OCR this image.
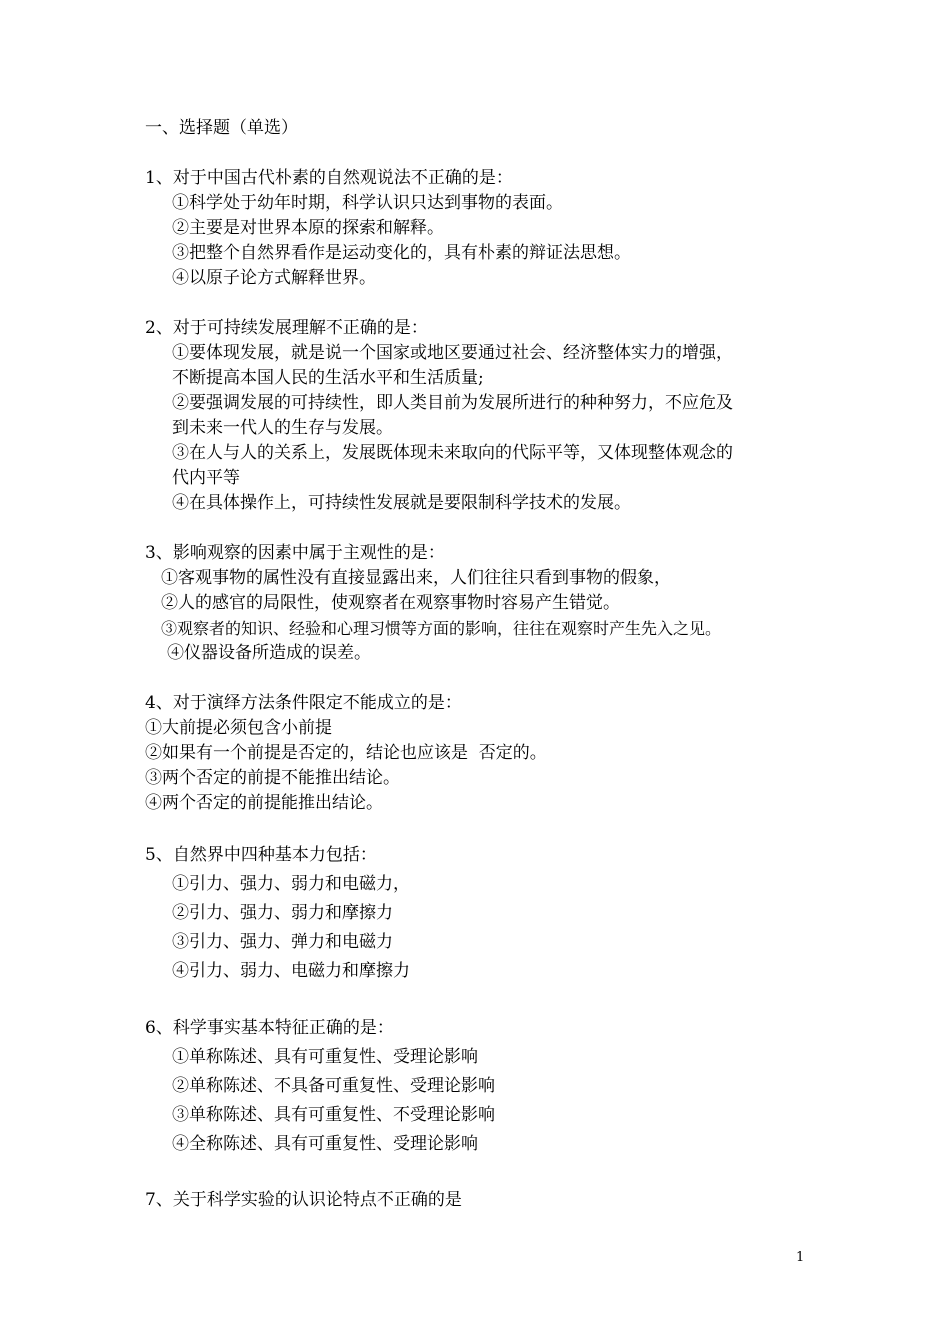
一、选择题（单选）
1、对于中国古代朴素的自然观说法不正确的是：
①科学处于幼年时期，科学认识只达到事物的表面。
②主要是对世界本原的探索和解释。
③把整个自然界看作是运动变化的，具有朴素的辩证法思想。
④以原子论方式解释世界。
2、对于可持续发展理解不正确的是：
①要体现发展，就是说一个国家或地区要通过社会、经济整体实力的增强，
不断提高本国人民的生活水平和生活质量;
②要强调发展的可持续性，即人类目前为发展所进行的种种努力，不应危及
到未来一代人的生存与发展。
③在人与人的关系上，发展既体现未来取向的代际平等，又体现整体观念的
代内平等
④在具体操作上，可持续性发展就是要限制科学技术的发展。
3、影响观察的因素中属于主观性的是：
①客观事物的属性没有直接显露出来，人们往往只看到事物的假象，
②人的感官的局限性，使观察者在观察事物时容易产生错觉。
③观察者的知识、经验和心理习惯等方面的影响，往往在观察时产生先入之见。
④仪器设备所造成的误差。
4、对于演绎方法条件限定不能成立的是：
①大前提必须包含小前提
②如果有一个前提是否定的，结论也应该是  否定的。
③两个否定的前提不能推出结论。
④两个否定的前提能推出结论。
5、自然界中四种基本力包括：
①引力、强力、弱力和电磁力，
②引力、强力、弱力和摩擦力
③引力、强力、弹力和电磁力
④引力、弱力、电磁力和摩擦力
6、科学事实基本特征正确的是：
①单称陈述、具有可重复性、受理论影响
②单称陈述、不具备可重复性、受理论影响
③单称陈述、具有可重复性、不受理论影响
④全称陈述、具有可重复性、受理论影响
7、关于科学实验的认识论特点不正确的是
1
